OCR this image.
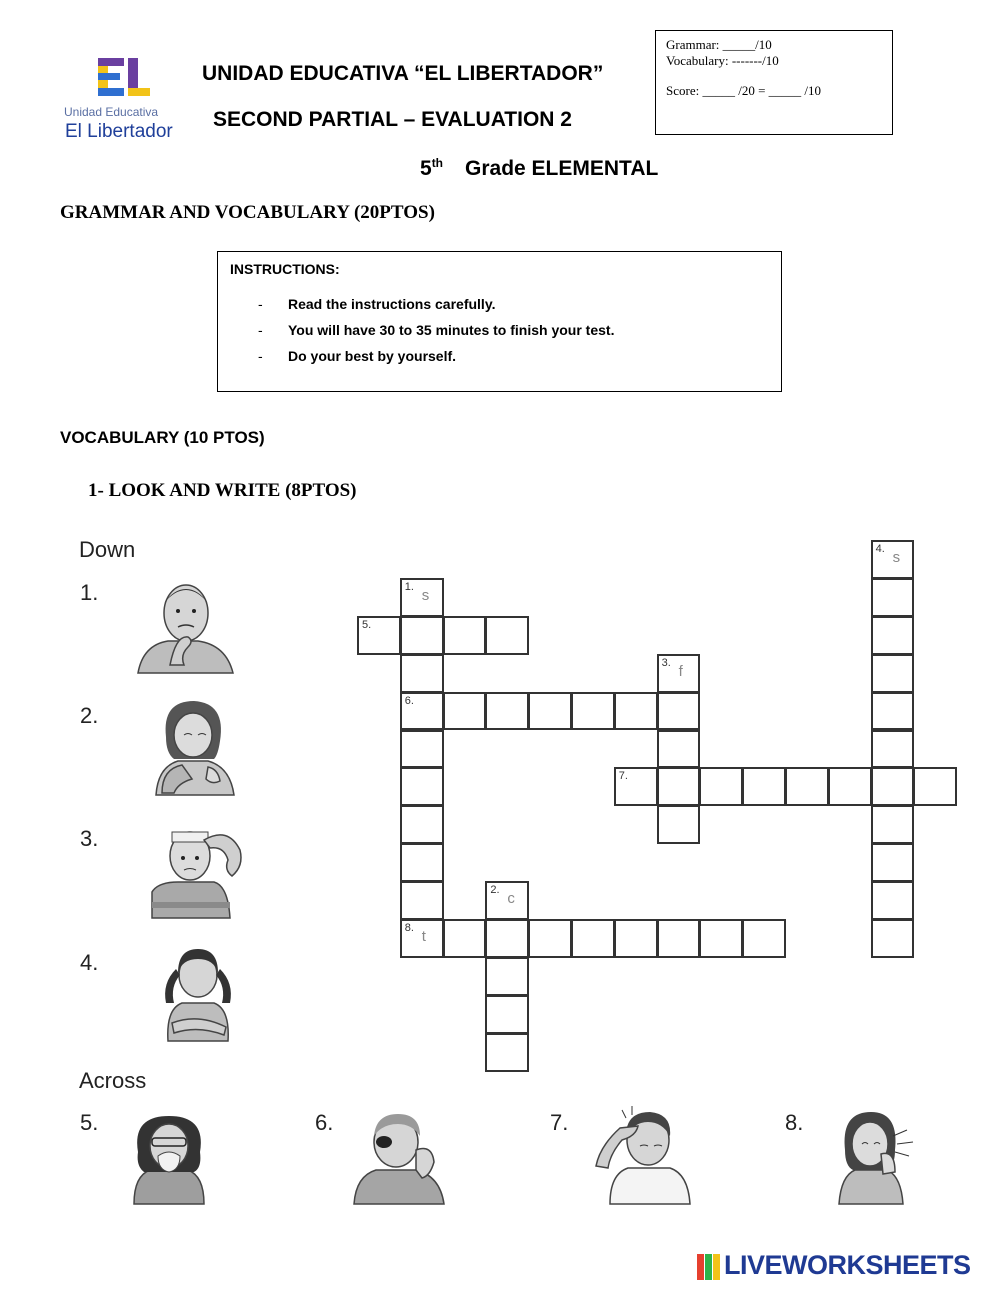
Unidad Educativa
El Libertador
UNIDAD EDUCATIVA “EL LIBERTADOR”
SECOND PARTIAL – EVALUATION 2
5th Grade ELEMENTAL
Grammar: _____/10
Vocabulary: -------/10
Score: _____ /20 = _____ /10
GRAMMAR AND VOCABULARY (20PTOS)
INSTRUCTIONS:
- Read the instructions carefully.
- You will have 30 to 35 minutes to finish your test.
- Do your best by yourself.
VOCABULARY (10 PTOS)
1- LOOK AND WRITE (8PTOS)
Down
1.
2.
3.
4.
Across
5.	6.	7.	8.
1. s
6.
8. t
2. c
3. f
4. s
5.
7.
LIVEWORKSHEETS
